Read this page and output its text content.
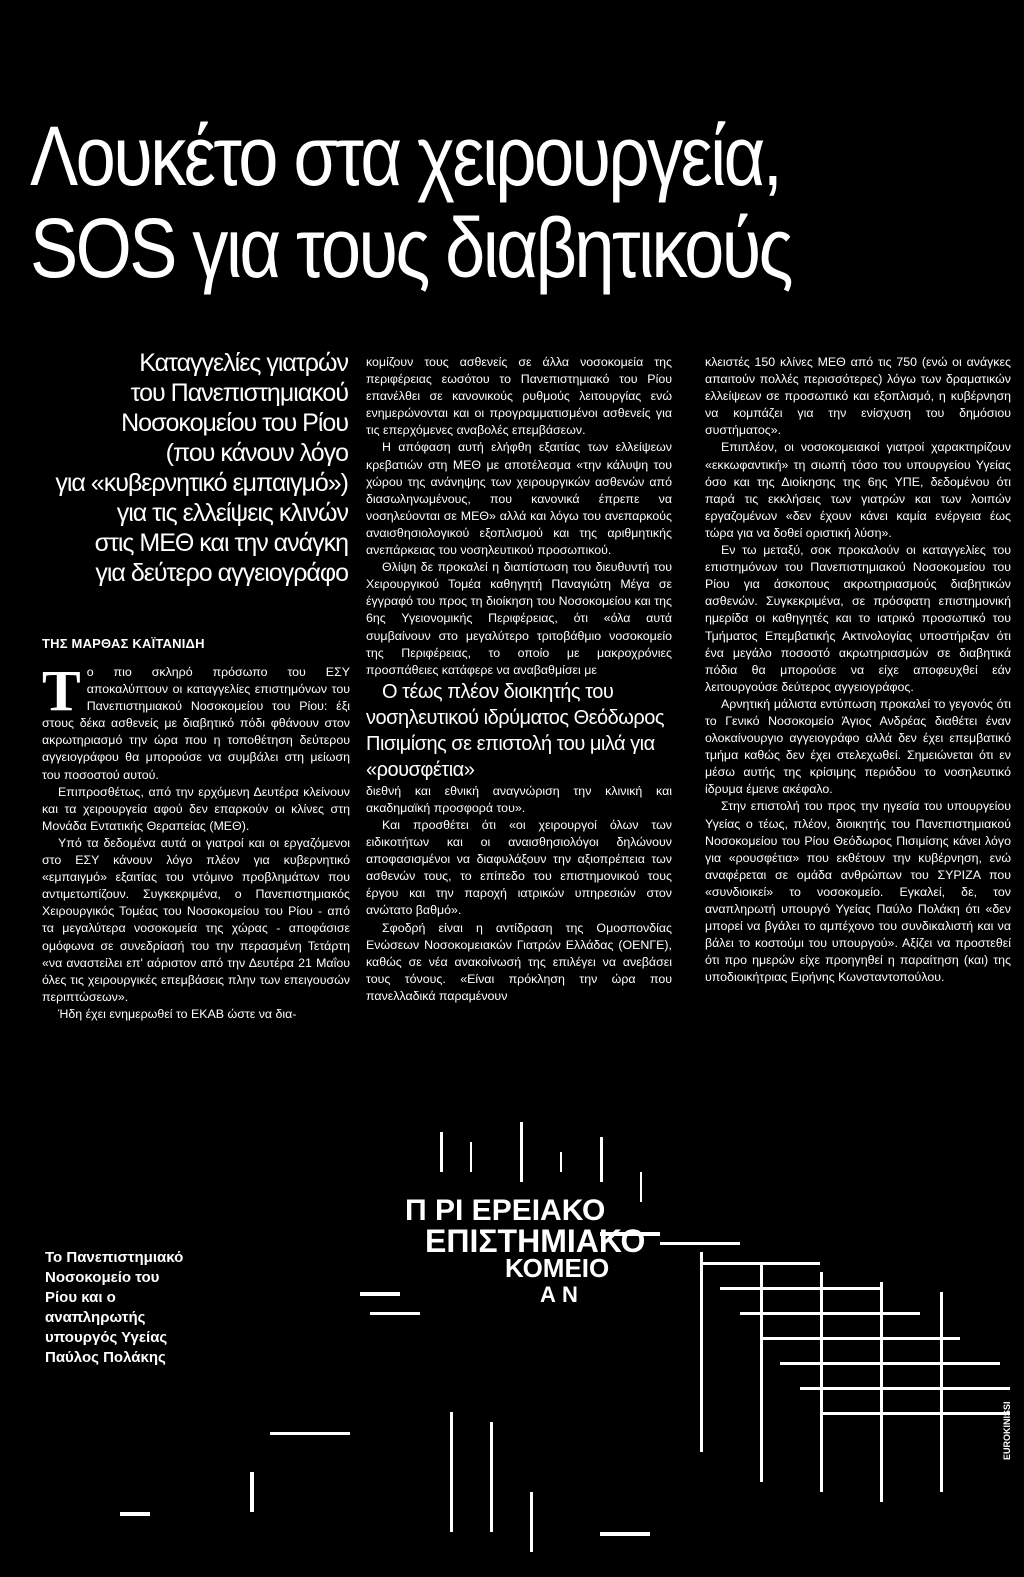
Λουκέτο στα χειρουργεία,
SOS για τους διαβητικούς
Καταγγελίες γιατρών
του Πανεπιστημιακού
Νοσοκομείου του Ρίου
(που κάνουν λόγο
για «κυβερνητικό εμπαιγμό»)
για τις ελλείψεις κλινών
στις ΜΕΘ και την ανάγκη
για δεύτερο αγγειογράφο
ΤΗΣ ΜΑΡΘΑΣ ΚΑΪΤΑΝΙΔΗ

Το πιο σκληρό πρόσωπο του ΕΣΥ αποκαλύπτουν οι καταγγελίες επιστημόνων του Πανεπιστημιακού Νοσοκομείου του Ρίου: έξι στους δέκα ασθενείς με διαβητικό πόδι φθάνουν στον ακρωτηριασμό την ώρα που η τοποθέτηση δεύτερου αγγειογράφου θα μπορούσε να συμβάλει στη μείωση του ποσοστού αυτού.

Επιπροσθέτως, από την ερχόμενη Δευτέρα κλείνουν και τα χειρουργεία αφού δεν επαρκούν οι κλίνες στη Μονάδα Εντατικής Θεραπείας (ΜΕΘ).

Υπό τα δεδομένα αυτά οι γιατροί και οι εργαζόμενοι στο ΕΣΥ κάνουν λόγο πλέον για κυβερνητικό «εμπαιγμό» εξαιτίας του ντόμινο προβλημάτων που αντιμετωπίζουν. Συγκεκριμένα, ο Πανεπιστημιακός Χειρουργικός Τομέας του Νοσοκομείου του Ρίου - από τα μεγαλύτερα νοσοκομεία της χώρας - αποφάσισε ομόφωνα σε συνεδρίασή του την περασμένη Τετάρτη «να αναστείλει επ' αόριστον από την Δευτέρα 21 Μαΐου όλες τις χειρουργικές επεμβάσεις πλην των επειγουσών περιπτώσεων».

Ήδη έχει ενημερωθεί το ΕΚΑΒ ώστε να δια-

κομίζουν τους ασθενείς σε άλλα νοσοκομεία της περιφέρειας εωσότου το Πανεπιστημιακό του Ρίου επανέλθει σε κανονικούς ρυθμούς λειτουργίας ενώ ενημερώνονται και οι προγραμματισμένοι ασθενείς για τις επερχόμενες αναβολές επεμβάσεων.

Η απόφαση αυτή ελήφθη εξαιτίας των ελλείψεων κρεβατιών στη ΜΕΘ με αποτέλεσμα «την κάλυψη του χώρου της ανάνηψης των χειρουργικών ασθενών από διασωληνωμένους, που κανονικά έπρεπε να νοσηλεύονται σε ΜΕΘ» αλλά και λόγω του ανεπαρκούς αναισθησιολογικού εξοπλισμού και της αριθμητικής ανεπάρκειας του νοσηλευτικού προσωπικού.

Θλίψη δε προκαλεί η διαπίστωση του διευθυντή του Χειρουργικού Τομέα καθηγητή Παναγιώτη Μέγα σε έγγραφό του προς τη διοίκηση του Νοσοκομείου και της 6ης Υγειονομικής Περιφέρειας, ότι «όλα αυτά συμβαίνουν στο μεγαλύτερο τριτοβάθμιο νοσοκομείο της Περιφέρειας, το οποίο με μακροχρόνιες προσπάθειες κατάφερε να αναβαθμίσει με

Ο τέως πλέον διοικητής του νοσηλευτικού ιδρύματος Θεόδωρος Πισιμίσης σε επιστολή του μιλά για «ρουσφέτια»

διεθνή και εθνική αναγνώριση την κλινική και ακαδημαϊκή προσφορά του».

Και προσθέτει ότι «οι χειρουργοί όλων των ειδικοτήτων και οι αναισθησιολόγοι δηλώνουν αποφασισμένοι να διαφυλάξουν την αξιοπρέπεια των ασθενών τους, το επίπεδο του επιστημονικού τους έργου και την παροχή ιατρικών υπηρεσιών στον ανώτατο βαθμό».

Σφοδρή είναι η αντίδραση της Ομοσπονδίας Ενώσεων Νοσοκομειακών Γιατρών Ελλάδας (ΟΕΝΓΕ), καθώς σε νέα ανακοίνωσή της επιλέγει να ανεβάσει τους τόνους. «Είναι πρόκληση την ώρα που πανελλαδικά παραμένουν

κλειστές 150 κλίνες ΜΕΘ από τις 750 (ενώ οι ανάγκες απαιτούν πολλές περισσότερες) λόγω των δραματικών ελλείψεων σε προσωπικό και εξοπλισμό, η κυβέρνηση να κομπάζει για την ενίσχυση του δημόσιου συστήματος».

Επιπλέον, οι νοσοκομειακοί γιατροί χαρακτηρίζουν «εκκωφαντική» τη σιωπή τόσο του υπουργείου Υγείας όσο και της Διοίκησης της 6ης ΥΠΕ, δεδομένου ότι παρά τις εκκλήσεις των γιατρών και των λοιπών εργαζομένων «δεν έχουν κάνει καμία ενέργεια έως τώρα για να δοθεί οριστική λύση».

Εν τω μεταξύ, σοκ προκαλούν οι καταγγελίες του επιστημόνων του Πανεπιστημιακού Νοσοκομείου του Ρίου για άσκοπους ακρωτηριασμούς διαβητικών ασθενών. Συγκεκριμένα, σε πρόσφατη επιστημονική ημερίδα οι καθηγητές και το ιατρικό προσωπικό του Τμήματος Επεμβατικής Ακτινολογίας υποστήριξαν ότι ένα μεγάλο ποσοστό ακρωτηριασμών σε διαβητικά πόδια θα μπορούσε να είχε αποφευχθεί εάν λειτουργούσε δεύτερος αγγειογράφος.

Αρνητική μάλιστα εντύπωση προκαλεί το γεγονός ότι το Γενικό Νοσοκομείο Άγιος Ανδρέας διαθέτει έναν ολοκαίνουργιο αγγειογράφο αλλά δεν έχει επεμβατικό τμήμα καθώς δεν έχει στελεχωθεί. Σημειώνεται ότι εν μέσω αυτής της κρίσιμης περιόδου το νοσηλευτικό ίδρυμα έμεινε ακέφαλο.

Στην επιστολή του προς την ηγεσία του υπουργείου Υγείας ο τέως, πλέον, διοικητής του Πανεπιστημιακού Νοσοκομείου του Ρίου Θεόδωρος Πισιμίσης κάνει λόγο για «ρουσφέτια» που εκθέτουν την κυβέρνηση, ενώ αναφέρεται σε ομάδα ανθρώπων του ΣΥΡΙΖΑ που «συνδιοικεί» το νοσοκομείο. Εγκαλεί, δε, τον αναπληρωτή υπουργό Υγείας Παύλο Πολάκη ότι «δεν μπορεί να βγάλει το αμπέχονο του συνδικαλιστή και να βάλει το κοστούμι του υπουργού». Αξίζει να προστεθεί ότι προ ημερών είχε προηγηθεί η παραίτηση (και) της υποδιοικήτριας Ειρήνης Κωνσταντοπούλου.

Π ΡΙ ΕΡΕΙΑΚΟ
ΕΠΙΣΤΗΜΙΑΚΟ
ΚΟΜΕΙΟ
Α Ν
Το Πανεπιστημιακό Νοσοκομείο του Ρίου και ο αναπληρωτής υπουργός Υγείας Παύλος Πολάκης
EUROKINISSI
